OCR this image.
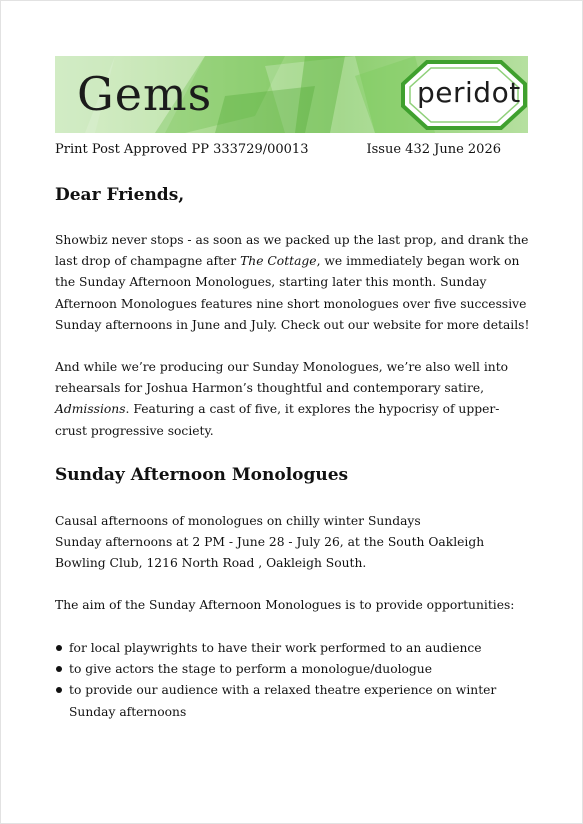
Gems	peridot
Print Post Approved PP 333729/00013	Issue 432 June 2026
Dear Friends,

Showbiz never stops - as soon as we packed up the last prop, and drank the last drop of champagne after The Cottage, we immediately began work on the Sunday Afternoon Monologues, starting later this month. Sunday Afternoon Monologues features nine short monologues over five successive Sunday afternoons in June and July. Check out our website for more details!

And while we’re producing our Sunday Monologues, we’re also well into rehearsals for Joshua Harmon’s thoughtful and contemporary satire, Admissions. Featuring a cast of five, it explores the hypocrisy of upper-crust progressive society.

Sunday Afternoon Monologues

Causal afternoons of monologues on chilly winter Sundays

Sunday afternoons at 2 PM - June 28 - July 26, at the South Oakleigh Bowling Club, 1216 North Road , Oakleigh South.

The aim of the Sunday Afternoon Monologues is to provide opportunities:

for local playwrights to have their work performed to an audience
to give actors the stage to perform a monologue/duologue
to provide our audience with a relaxed theatre experience on winter Sunday afternoons
